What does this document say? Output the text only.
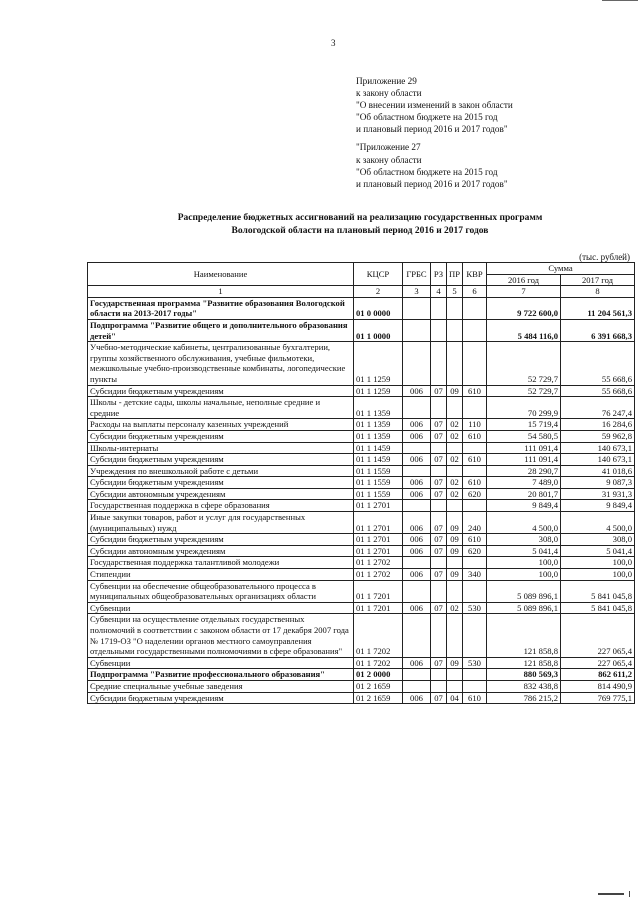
3
Приложение 29
к закону области
"О внесении изменений в закон области
"Об областном бюджете на 2015 год
и плановый период 2016 и 2017 годов"
"Приложение 27
к закону области
"Об областном бюджете на 2015 год
и плановый период 2016 и 2017 годов"
Распределение бюджетных ассигнований на реализацию государственных программ
Вологодской области на плановый период 2016 и 2017 годов
(тыс. рублей)
Наименование	КЦСР	ГРБС	РЗ	ПР	КВР	Сумма	
						2016 год	2017 год
1	2	3	4	5	6	7	8
Государственная программа "Развитие образования Вологодской области на 2013-2017 годы"	01 0 0000					9 722 600,0	11 204 561,3
Подпрограмма "Развитие общего и дополнительного образования детей"	01 1 0000					5 484 116,0	6 391 668,3
Учебно-методические кабинеты, централизованные бухгалтерии, группы хозяйственного обслуживания, учебные фильмотеки, межшкольные учебно-производственные комбинаты, логопедические пункты	01 1 1259					52 729,7	55 668,6
Субсидии бюджетным учреждениям	01 1 1259	006	07	09	610	52 729,7	55 668,6
Школы - детские сады, школы начальные, неполные средние и средние	01 1 1359					70 299,9	76 247,4
Расходы на выплаты персоналу казенных учреждений	01 1 1359	006	07	02	110	15 719,4	16 284,6
Субсидии бюджетным учреждениям	01 1 1359	006	07	02	610	54 580,5	59 962,8
Школы-интернаты	01 1 1459					111 091,4	140 673,1
Субсидии бюджетным учреждениям	01 1 1459	006	07	02	610	111 091,4	140 673,1
Учреждения по внешкольной работе с детьми	01 1 1559					28 290,7	41 018,6
Субсидии бюджетным учреждениям	01 1 1559	006	07	02	610	7 489,0	9 087,3
Субсидии автономным учреждениям	01 1 1559	006	07	02	620	20 801,7	31 931,3
Государственная поддержка в сфере образования	01 1 2701					9 849,4	9 849,4
Иные закупки товаров, работ и услуг для государственных (муниципальных) нужд	01 1 2701	006	07	09	240	4 500,0	4 500,0
Субсидии бюджетным учреждениям	01 1 2701	006	07	09	610	308,0	308,0
Субсидии автономным учреждениям	01 1 2701	006	07	09	620	5 041,4	5 041,4
Государственная поддержка талантливой молодежи	01 1 2702					100,0	100,0
Стипендии	01 1 2702	006	07	09	340	100,0	100,0
Субвенции на обеспечение общеобразовательного процесса в муниципальных общеобразовательных организациях области	01 1 7201					5 089 896,1	5 841 045,8
Субвенции	01 1 7201	006	07	02	530	5 089 896,1	5 841 045,8
Субвенции на осуществление отдельных государственных полномочий в соответствии с законом области от 17 декабря 2007 года № 1719-ОЗ "О наделении органов местного самоуправления отдельными государственными полномочиями в сфере образования"	01 1 7202					121 858,8	227 065,4
Субвенции	01 1 7202	006	07	09	530	121 858,8	227 065,4
Подпрограмма "Развитие профессионального образования"	01 2 0000					880 569,3	862 611,2
Средние специальные учебные заведения	01 2 1659					832 438,8	814 490,9
Субсидии бюджетным учреждениям	01 2 1659	006	07	04	610	786 215,2	769 775,1
